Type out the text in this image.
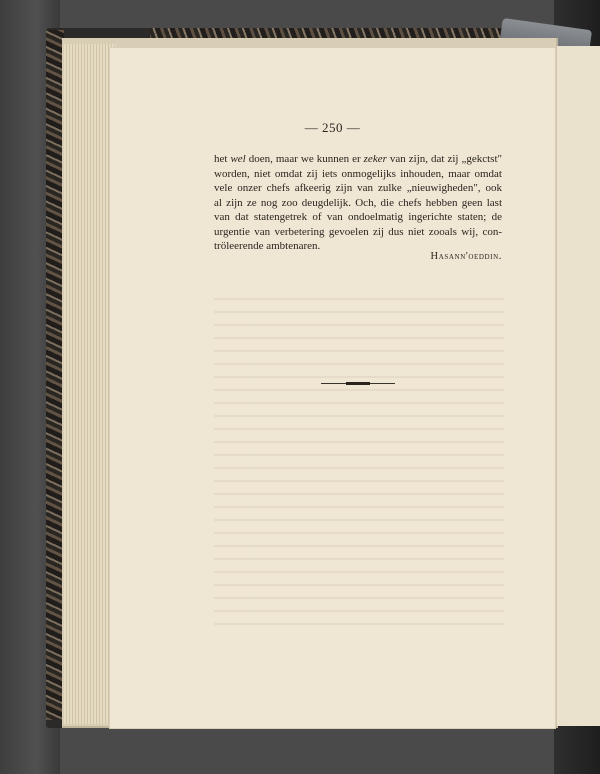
— 250 —
het wel doen, maar we kunnen er zeker van zijn, dat zij „gekctst"
worden, niet omdat zij iets onmogelijks inhouden, maar omdat
vele onzer chefs afkeerig zijn van zulke „nieuwigheden", ook
al zijn ze nog zoo deugdelijk. Och, die chefs hebben geen last
van dat statengetrek of van ondoelmatig ingerichte staten; de
urgentie van verbetering gevoelen zij dus niet zooals wij, con-
tröleerende ambtenaren.
Hasann'oeddin.
